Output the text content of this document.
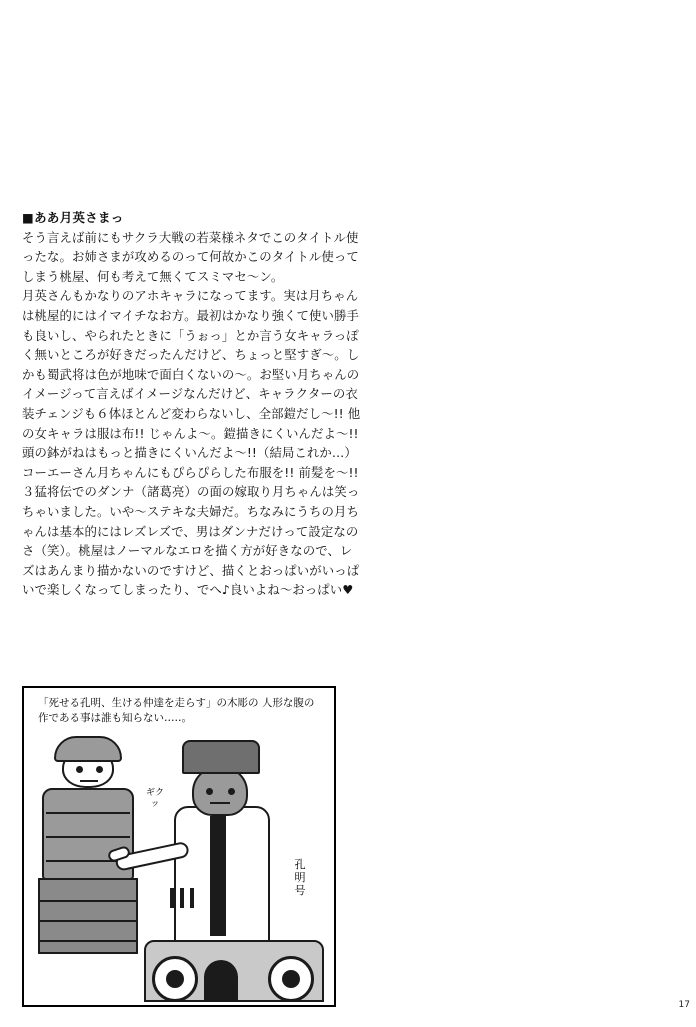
■ああ月英さまっ

そう言えば前にもサクラ大戦の若菜様ネタでこのタイトル使ったな。お姉さまが攻めるのって何故かこのタイトル使ってしまう桃屋、何も考えて無くてスミマセ〜ン。

月英さんもかなりのアホキャラになってます。実は月ちゃんは桃屋的にはイマイチなお方。最初はかなり強くて使い勝手も良いし、やられたときに「うぉっ」とか言う女キャラっぽく無いところが好きだったんだけど、ちょっと堅すぎ〜。しかも蜀武将は色が地味で面白くないの〜。お堅い月ちゃんのイメージって言えばイメージなんだけど、キャラクターの衣装チェンジも６体ほとんど変わらないし、全部鎧だし〜!! 他の女キャラは服は布!! じゃんよ〜。鎧描きにくいんだよ〜!! 頭の鉢がねはもっと描きにくいんだよ〜!!（結局これか…）コーエーさん月ちゃんにもぴらぴらした布服を!! 前髪を〜!!

３猛将伝でのダンナ（諸葛亮）の面の嫁取り月ちゃんは笑っちゃいました。いや〜ステキな夫婦だ。ちなみにうちの月ちゃんは基本的にはレズレズで、男はダンナだけって設定なのさ（笑）。桃屋はノーマルなエロを描く方が好きなので、レズはあんまり描かないのですけど、描くとおっぱいがいっぱいで楽しくなってしまったり、でへ♪良いよね〜おっぱい♥

「死せる孔明、生ける仲達を走らす」の木彫の 人形な腹の作である事は誰も知らない…‥。
ギクッ
孔明号
17
